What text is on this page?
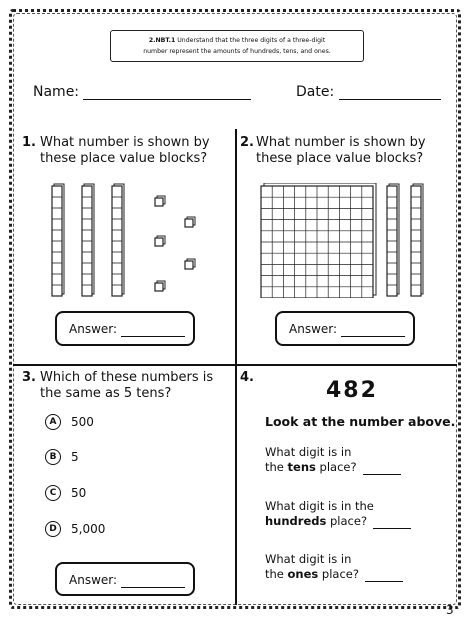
2.NBT.1 Understand that the three digits of a three-digit
number represent the amounts of hundreds, tens, and ones.
Name:	Date:
1. What number is shown by
these place value blocks?
Answer:
2. What number is shown by
these place value blocks?
Answer:
3. Which of these numbers is
the same as 5 tens?
A	500
B	5
C	50
D	5,000
Answer:
4.
482
Look at the number above.
What digit is in
the tens place?
What digit is in the
hundreds place?
What digit is in
the ones place?
3
